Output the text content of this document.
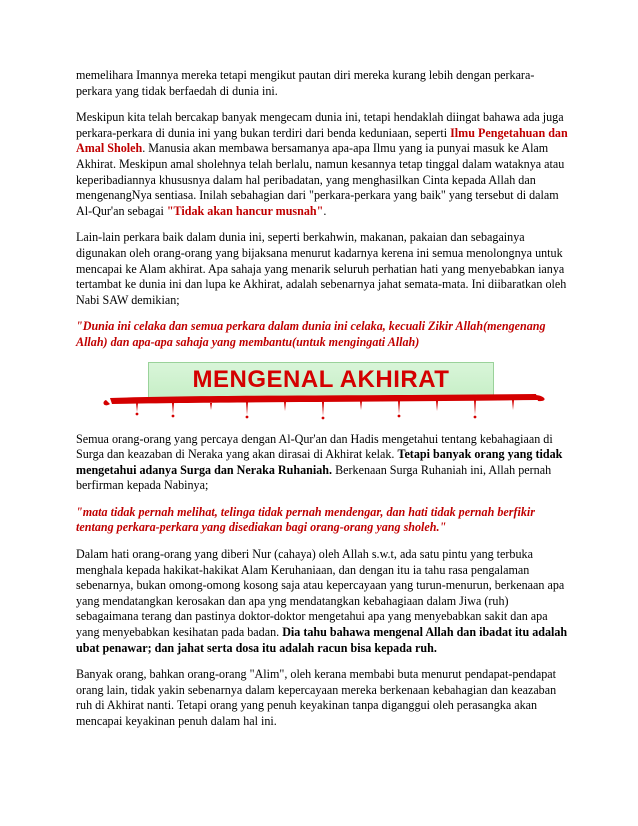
memelihara Imannya mereka tetapi mengikut pautan diri mereka kurang lebih dengan perkara-perkara yang tidak berfaedah di dunia ini.

Meskipun kita telah bercakap banyak mengecam dunia ini, tetapi hendaklah diingat bahawa ada juga perkara-perkara di dunia ini yang bukan terdiri dari benda keduniaan, seperti Ilmu Pengetahuan dan Amal Sholeh. Manusia akan membawa bersamanya apa-apa Ilmu yang ia punyai masuk ke Alam Akhirat. Meskipun amal sholehnya telah berlalu, namun kesannya tetap tinggal dalam wataknya atau keperibadiannya khususnya dalam hal peribadatan, yang menghasilkan Cinta kepada Allah dan mengenangNya sentiasa. Inilah sebahagian dari "perkara-perkara yang baik" yang tersebut di dalam Al-Qur'an sebagai "Tidak akan hancur musnah".

Lain-lain perkara baik dalam dunia ini, seperti berkahwin, makanan, pakaian dan sebagainya digunakan oleh orang-orang yang bijaksana menurut kadarnya kerena ini semua menolongnya untuk mencapai ke Alam akhirat. Apa sahaja yang menarik seluruh perhatian hati yang menyebabkan ianya tertambat ke dunia ini dan lupa ke Akhirat, adalah sebenarnya jahat semata-mata. Ini diibaratkan oleh Nabi SAW demikian;

"Dunia ini celaka dan semua perkara dalam dunia ini celaka, kecuali Zikir Allah(mengenang Allah) dan apa-apa sahaja yang membantu(untuk mengingati Allah)

MENGENAL AKHIRAT

Semua orang-orang yang percaya dengan Al-Qur'an dan Hadis mengetahui tentang kebahagiaan di Surga dan keazaban di Neraka yang akan dirasai di Akhirat kelak. Tetapi banyak orang yang tidak mengetahui adanya Surga dan Neraka Ruhaniah. Berkenaan Surga Ruhaniah ini, Allah pernah berfirman kepada Nabinya;

"mata tidak pernah melihat, telinga tidak pernah mendengar, dan hati tidak pernah berfikir tentang perkara-perkara yang disediakan bagi orang-orang yang sholeh."

Dalam hati orang-orang yang diberi Nur (cahaya) oleh Allah s.w.t, ada satu pintu yang terbuka menghala kepada hakikat-hakikat Alam Keruhaniaan, dan dengan itu ia tahu rasa pengalaman sebenarnya, bukan omong-omong kosong saja atau kepercayaan yang turun-menurun, berkenaan apa yang mendatangkan kerosakan dan apa yng mendatangkan kebahagiaan dalam Jiwa (ruh) sebagaimana terang dan pastinya doktor-doktor mengetahui apa yang menyebabkan sakit dan apa yang menyebabkan kesihatan pada badan. Dia tahu bahawa mengenal Allah dan ibadat itu adalah ubat penawar; dan jahat serta dosa itu adalah racun bisa kepada ruh.

Banyak orang, bahkan orang-orang "Alim", oleh kerana membabi buta menurut pendapat-pendapat orang lain, tidak yakin sebenarnya dalam kepercayaan mereka berkenaan kebahagian dan keazaban ruh di Akhirat nanti. Tetapi orang yang penuh keyakinan tanpa diganggui oleh perasangka akan mencapai keyakinan penuh dalam hal ini.
